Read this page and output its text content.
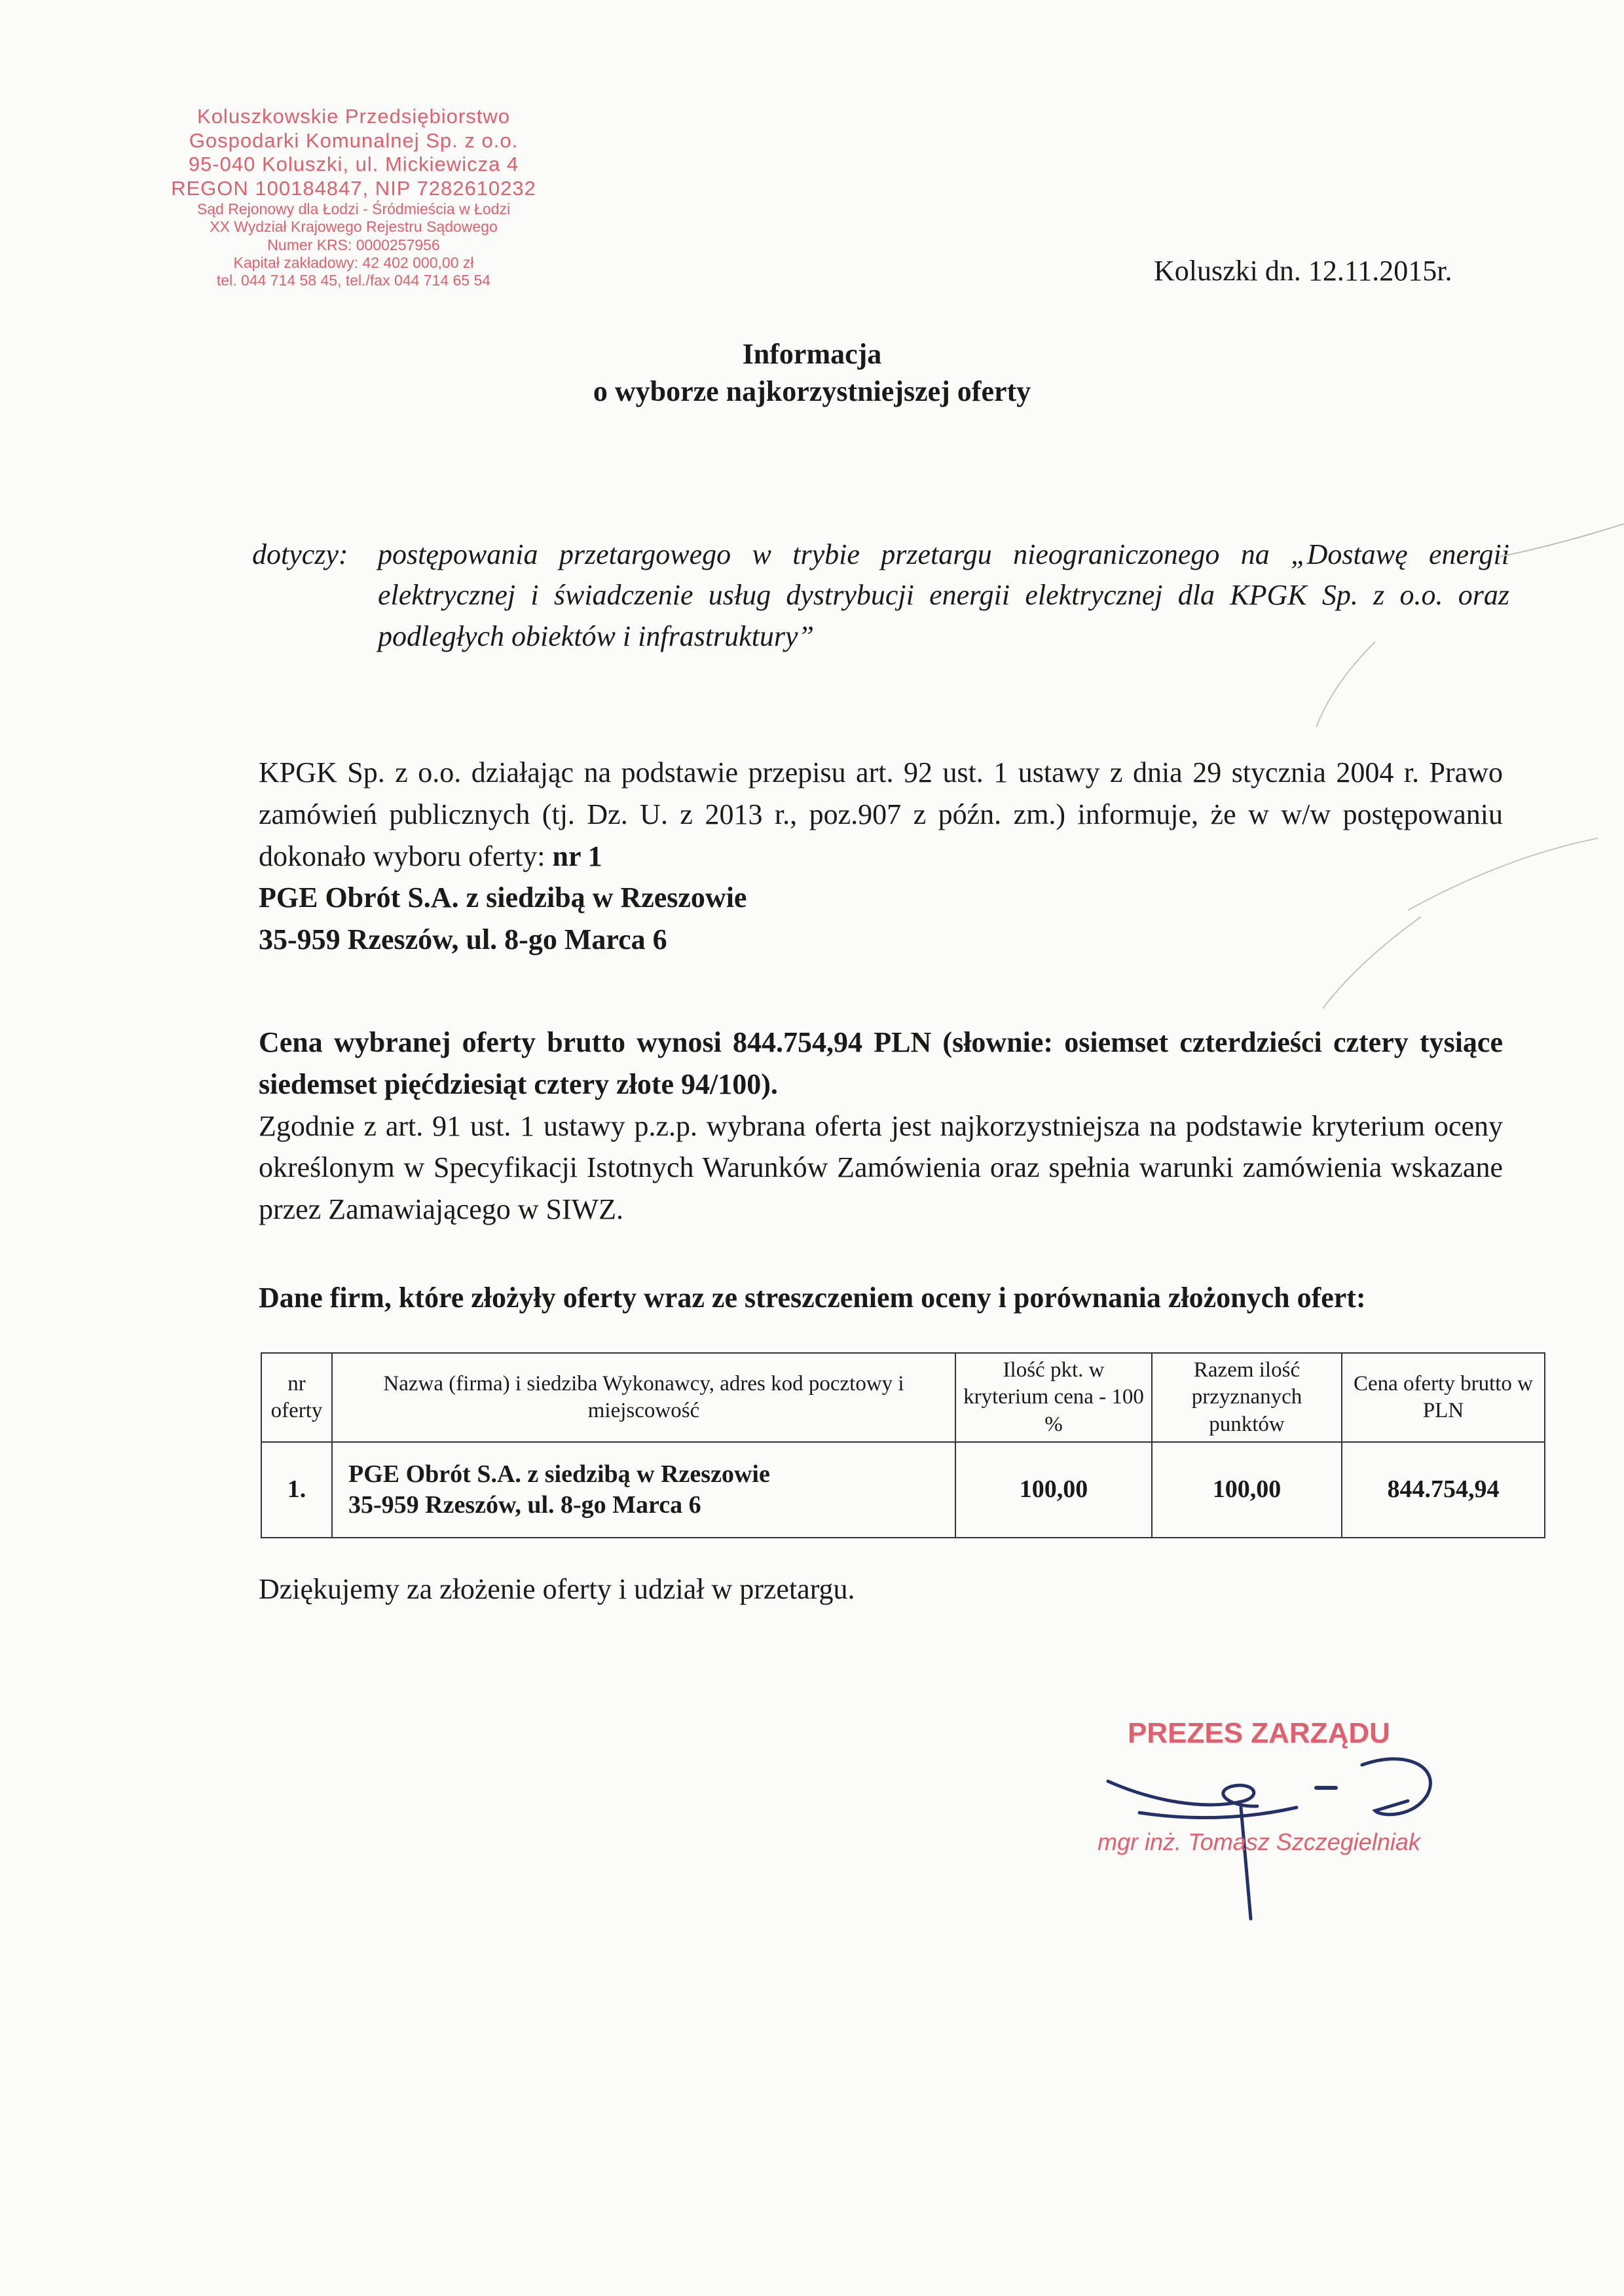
Koluszkowskie Przedsiębiorstwo
Gospodarki Komunalnej Sp. z o.o.
95-040 Koluszki, ul. Mickiewicza 4
REGON 100184847, NIP 7282610232
Sąd Rejonowy dla Łodzi - Śródmieścia w Łodzi
XX Wydział Krajowego Rejestru Sądowego
Numer KRS: 0000257956
Kapitał zakładowy: 42 402 000,00 zł
tel. 044 714 58 45, tel./fax 044 714 65 54	Koluszki dn. 12.11.2015r.
Informacja
o wyborze najkorzystniejszej oferty
dotyczy: postępowania przetargowego w trybie przetargu nieograniczonego na „Dostawę energii elektrycznej i świadczenie usług dystrybucji energii elektrycznej dla KPGK Sp. z o.o. oraz podległych obiektów i infrastruktury”
KPGK Sp. z o.o. działając na podstawie przepisu art. 92 ust. 1 ustawy z dnia 29 stycznia 2004 r. Prawo zamówień publicznych (tj. Dz. U. z 2013 r., poz.907 z późn. zm.) informuje, że w w/w postępowaniu dokonało wyboru oferty: nr 1
PGE Obrót S.A. z siedzibą w Rzeszowie
35-959 Rzeszów, ul. 8-go Marca 6
Cena wybranej oferty brutto wynosi 844.754,94 PLN (słownie: osiemset czterdzieści cztery tysiące siedemset pięćdziesiąt cztery złote 94/100).
Zgodnie z art. 91 ust. 1 ustawy p.z.p. wybrana oferta jest najkorzystniejsza na podstawie kryterium oceny określonym w Specyfikacji Istotnych Warunków Zamówienia oraz spełnia warunki zamówienia wskazane przez Zamawiającego w SIWZ.
Dane firm, które złożyły oferty wraz ze streszczeniem oceny i porównania złożonych ofert:
nr oferty	Nazwa (firma) i siedziba Wykonawcy, adres kod pocztowy i miejscowość	Ilość pkt. w kryterium cena - 100 %	Razem ilość przyznanych punktów	Cena oferty brutto w PLN
1.	PGE Obrót S.A. z siedzibą w Rzeszowie
35-959 Rzeszów, ul. 8-go Marca 6	100,00	100,00	844.754,94
Dziękujemy za złożenie oferty i udział w przetargu.
PREZES ZARZĄDU
mgr inż. Tomasz Szczegielniak
